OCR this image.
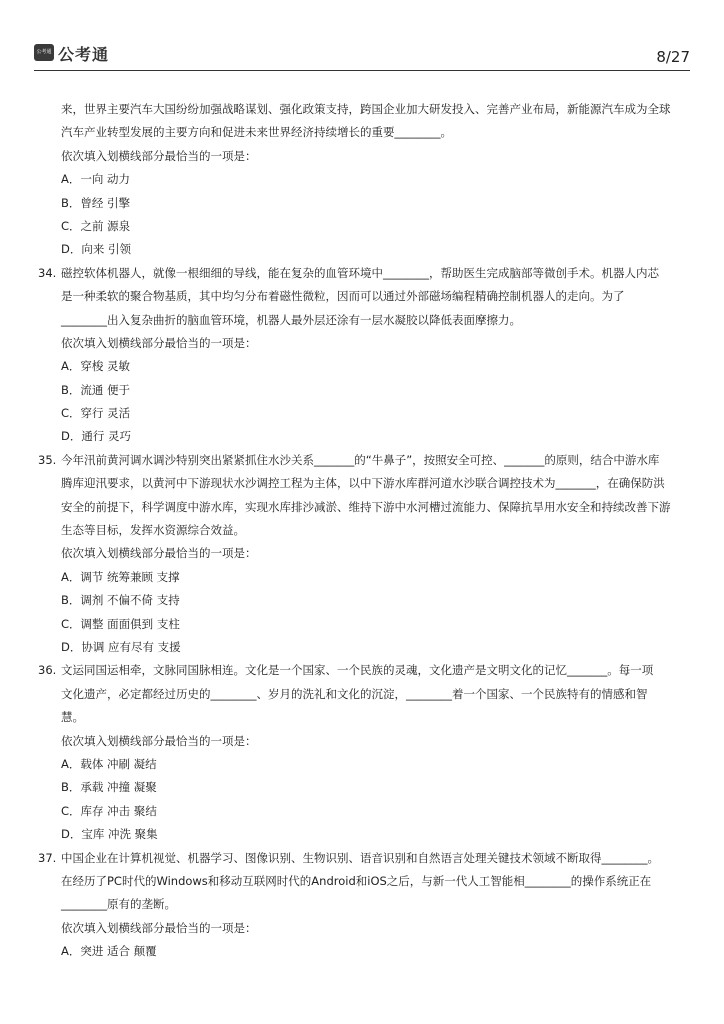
公考通 公考通	8/27
来，世界主要汽车大国纷纷加强战略谋划、强化政策支持，跨国企业加大研发投入、完善产业布局，新能源汽车成为全球
汽车产业转型发展的主要方向和促进未来世界经济持续增长的重要________。
依次填入划横线部分最恰当的一项是：
A．一向 动力
B．曾经 引擎
C．之前 源泉
D．向来 引领
34. 磁控软体机器人，就像一根细细的导线，能在复杂的血管环境中________，帮助医生完成脑部等微创手术。机器人内芯
是一种柔软的聚合物基质，其中均匀分布着磁性微粒，因而可以通过外部磁场编程精确控制机器人的走向。为了
________出入复杂曲折的脑血管环境，机器人最外层还涂有一层水凝胶以降低表面摩擦力。
依次填入划横线部分最恰当的一项是：
A．穿梭 灵敏
B．流通 便于
C．穿行 灵活
D．通行 灵巧
35. 今年汛前黄河调水调沙特别突出紧紧抓住水沙关系_______的“牛鼻子”，按照安全可控、_______的原则，结合中游水库
腾库迎汛要求，以黄河中下游现状水沙调控工程为主体，以中下游水库群河道水沙联合调控技术为_______，在确保防洪
安全的前提下，科学调度中游水库，实现水库排沙减淤、维持下游中水河槽过流能力、保障抗旱用水安全和持续改善下游
生态等目标，发挥水资源综合效益。
依次填入划横线部分最恰当的一项是：
A．调节 统筹兼顾 支撑
B．调剂 不偏不倚 支持
C．调整 面面俱到 支柱
D．协调 应有尽有 支援
36. 文运同国运相牵，文脉同国脉相连。文化是一个国家、一个民族的灵魂，文化遗产是文明文化的记忆_______。每一项
文化遗产，必定都经过历史的________、岁月的洗礼和文化的沉淀，________着一个国家、一个民族特有的情感和智
慧。
依次填入划横线部分最恰当的一项是：
A．载体 冲刷 凝结
B．承载 冲撞 凝聚
C．库存 冲击 聚结
D．宝库 冲洗 聚集
37. 中国企业在计算机视觉、机器学习、图像识别、生物识别、语音识别和自然语言处理关键技术领域不断取得________。
在经历了PC时代的Windows和移动互联网时代的Android和iOS之后，与新一代人工智能相________的操作系统正在
________原有的垄断。
依次填入划横线部分最恰当的一项是：
A．突进 适合 颠覆
